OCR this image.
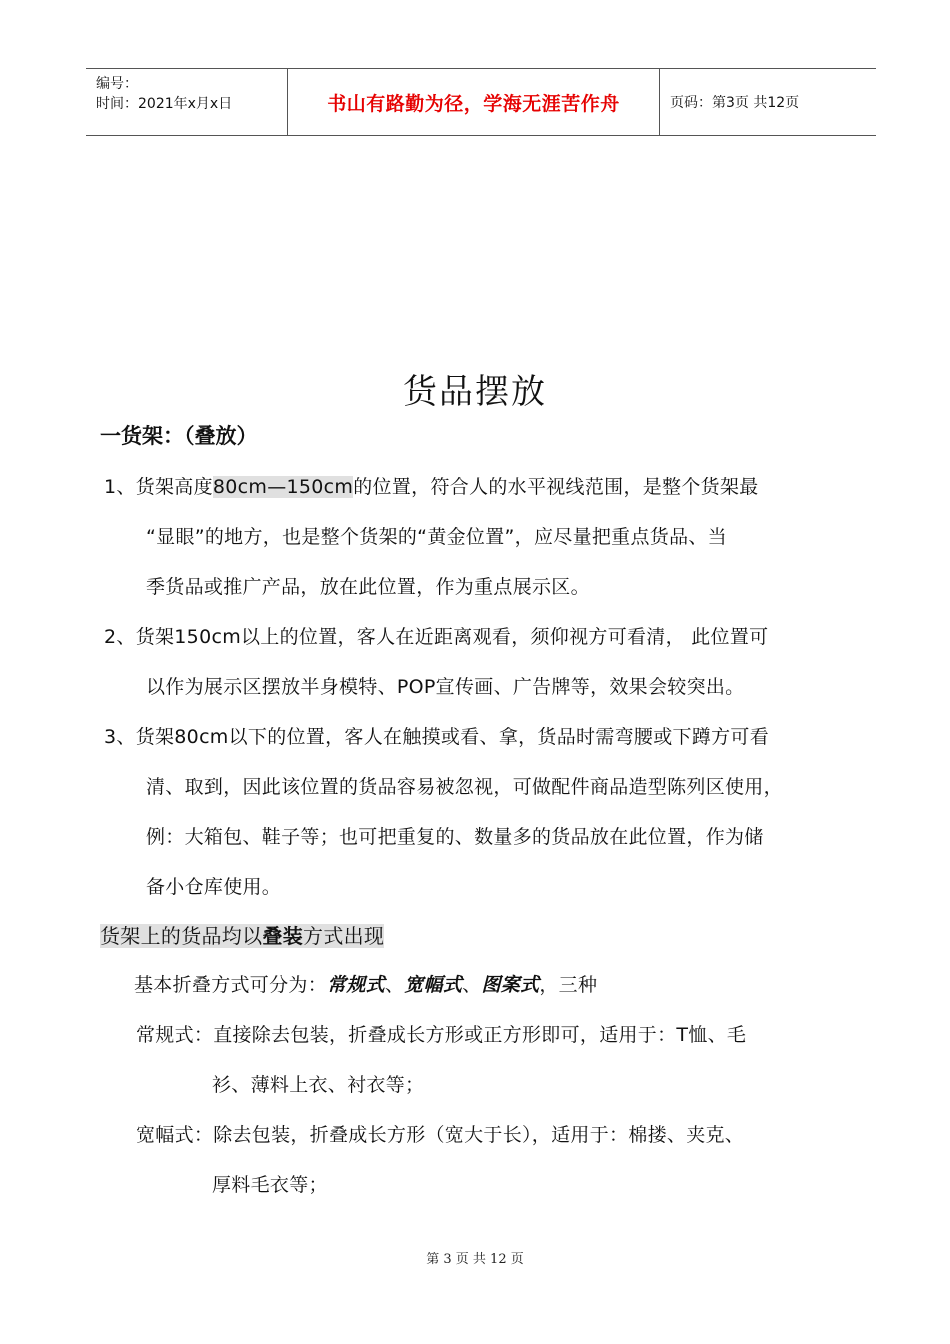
编号：
时间：2021年x月x日	书山有路勤为径，学海无涯苦作舟	页码：第3页 共12页
货品摆放
一货架：（叠放）
1、货架高度80cm—150cm的位置，符合人的水平视线范围，是整个货架最
“显眼”的地方，也是整个货架的“黄金位置”，应尽量把重点货品、当
季货品或推广产品，放在此位置，作为重点展示区。
2、货架150cm以上的位置，客人在近距离观看，须仰视方可看清， 此位置可
以作为展示区摆放半身模特、POP宣传画、广告牌等，效果会较突出。
3、货架80cm以下的位置，客人在触摸或看、拿，货品时需弯腰或下蹲方可看
清、取到，因此该位置的货品容易被忽视，可做配件商品造型陈列区使用，
例：大箱包、鞋子等；也可把重复的、数量多的货品放在此位置，作为储
备小仓库使用。
货架上的货品均以叠装方式出现
基本折叠方式可分为：常规式、宽幅式、图案式，三种
常规式：直接除去包装，折叠成长方形或正方形即可，适用于：T恤、毛
衫、薄料上衣、衬衣等；
宽幅式：除去包装，折叠成长方形（宽大于长），适用于：棉搂、夹克、
厚料毛衣等；
第 3 页 共 12 页
